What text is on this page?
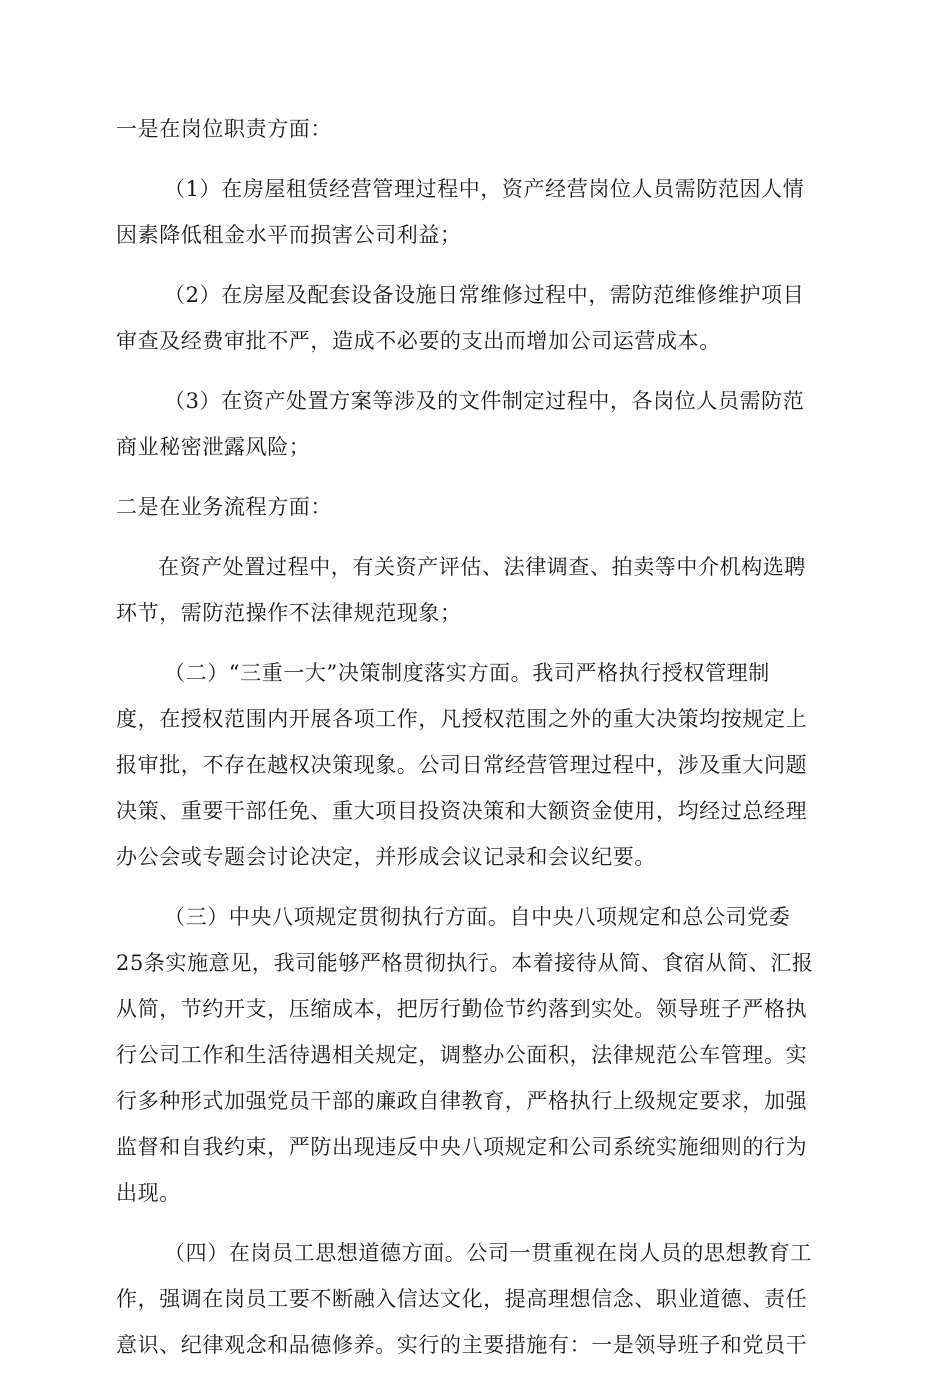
一是在岗位职责方面：
（1）在房屋租赁经营管理过程中，资产经营岗位人员需防范因人情
因素降低租金水平而损害公司利益；
（2）在房屋及配套设备设施日常维修过程中，需防范维修维护项目
审查及经费审批不严，造成不必要的支出而增加公司运营成本。
（3）在资产处置方案等涉及的文件制定过程中，各岗位人员需防范
商业秘密泄露风险；
二是在业务流程方面：
在资产处置过程中，有关资产评估、法律调查、拍卖等中介机构选聘
环节，需防范操作不法律规范现象；
（二）“三重一大”决策制度落实方面。我司严格执行授权管理制
度，在授权范围内开展各项工作，凡授权范围之外的重大决策均按规定上
报审批，不存在越权决策现象。公司日常经营管理过程中，涉及重大问题
决策、重要干部任免、重大项目投资决策和大额资金使用，均经过总经理
办公会或专题会讨论决定，并形成会议记录和会议纪要。
（三）中央八项规定贯彻执行方面。自中央八项规定和总公司党委
25条实施意见，我司能够严格贯彻执行。本着接待从简、食宿从简、汇报
从简，节约开支，压缩成本，把厉行勤俭节约落到实处。领导班子严格执
行公司工作和生活待遇相关规定，调整办公面积，法律规范公车管理。实
行多种形式加强党员干部的廉政自律教育，严格执行上级规定要求，加强
监督和自我约束，严防出现违反中央八项规定和公司系统实施细则的行为
出现。
（四）在岗员工思想道德方面。公司一贯重视在岗人员的思想教育工
作，强调在岗员工要不断融入信达文化，提高理想信念、职业道德、责任
意识、纪律观念和品德修养。实行的主要措施有：一是领导班子和党员干
